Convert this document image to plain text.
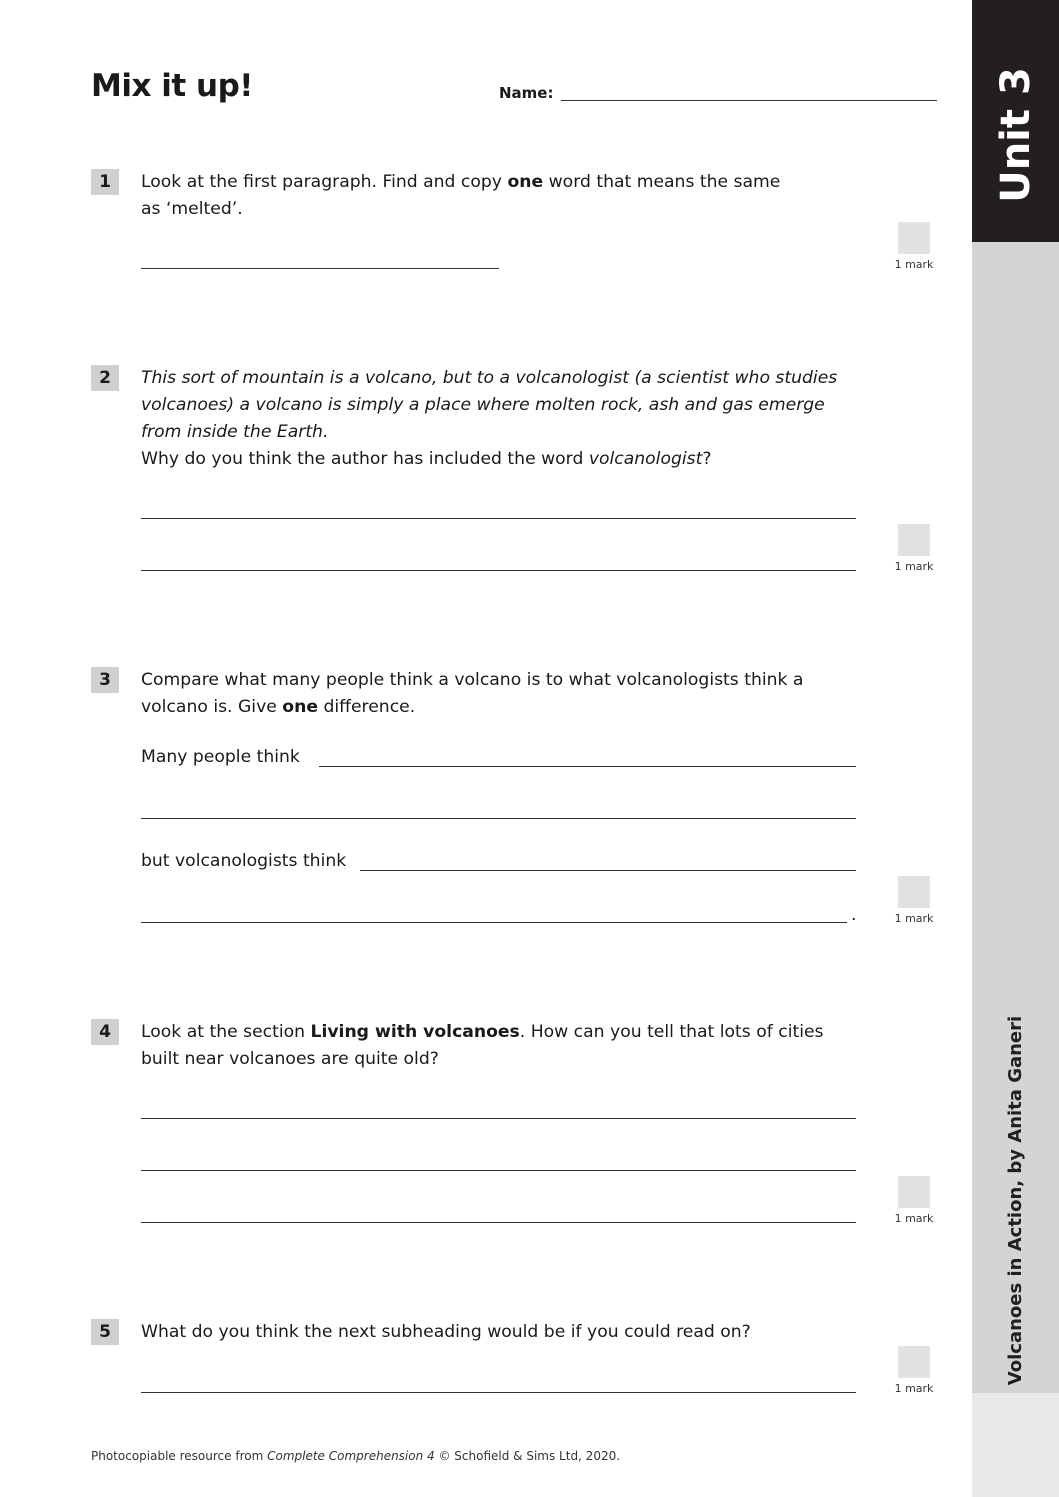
Unit 3
Volcanoes in Action, by Anita Ganeri
Mix it up!	Name:
1	Look at the first paragraph. Find and copy one word that means the same
as ‘melted’.
1 mark
2	This sort of mountain is a volcano, but to a volcanologist (a scientist who studies
volcanoes) a volcano is simply a place where molten rock, ash and gas emerge
from inside the Earth.
Why do you think the author has included the word volcanologist?
1 mark
3	Compare what many people think a volcano is to what volcanologists think a
volcano is. Give one difference.
Many people think
but volcanologists think
.	1 mark
4	Look at the section Living with volcanoes. How can you tell that lots of cities
built near volcanoes are quite old?
1 mark
5	What do you think the next subheading would be if you could read on?
1 mark
Photocopiable resource from Complete Comprehension 4 © Schofield & Sims Ltd, 2020.
